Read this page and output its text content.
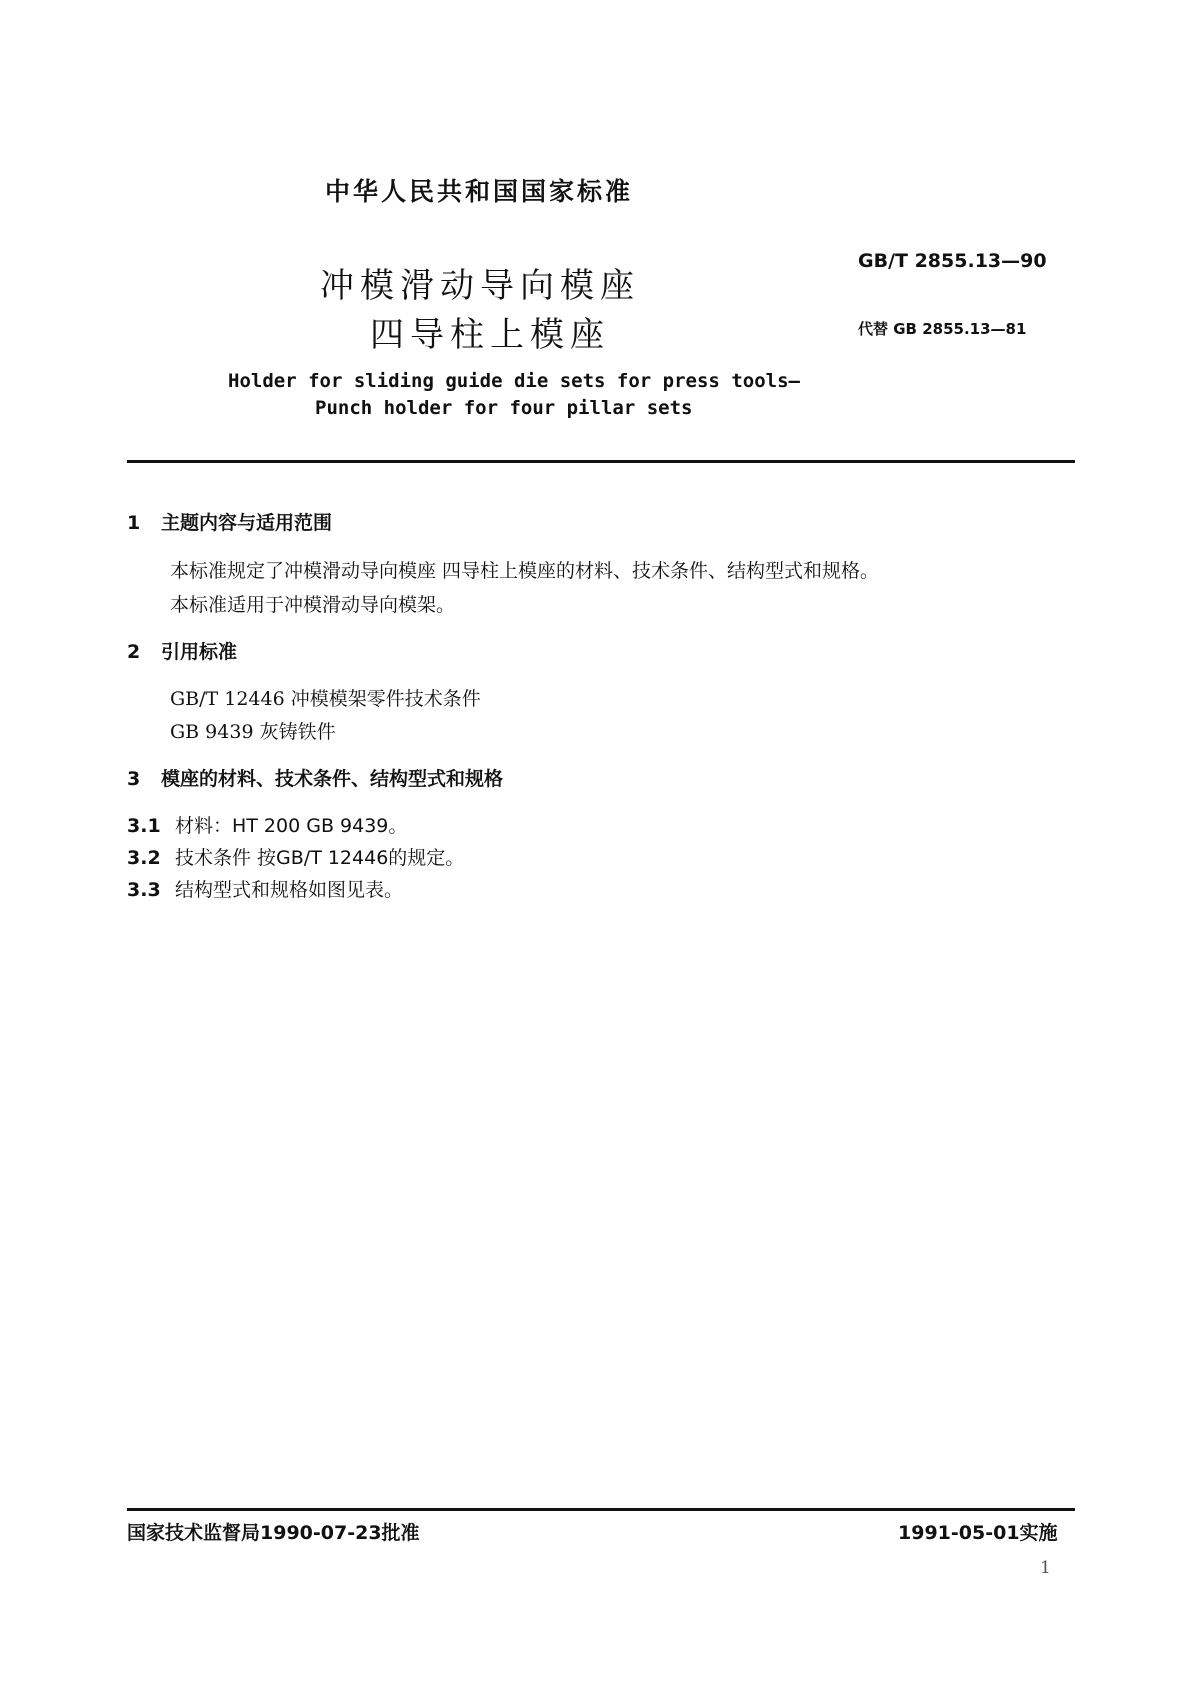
中华人民共和国国家标准
冲模滑动导向模座
四导柱上模座
GB/T 2855.13—90
代替 GB 2855.13—81
Holder for sliding guide die sets for press tools—
Punch holder for four pillar sets
1 主题内容与适用范围
本标准规定了冲模滑动导向模座 四导柱上模座的材料、技术条件、结构型式和规格。
本标准适用于冲模滑动导向模架。
2 引用标准
GB/T 12446 冲模模架零件技术条件
GB 9439 灰铸铁件
3 模座的材料、技术条件、结构型式和规格
3.1 材料：HT 200 GB 9439。
3.2 技术条件 按GB/T 12446的规定。
3.3 结构型式和规格如图见表。
国家技术监督局1990-07-23批准	1991-05-01实施
1
